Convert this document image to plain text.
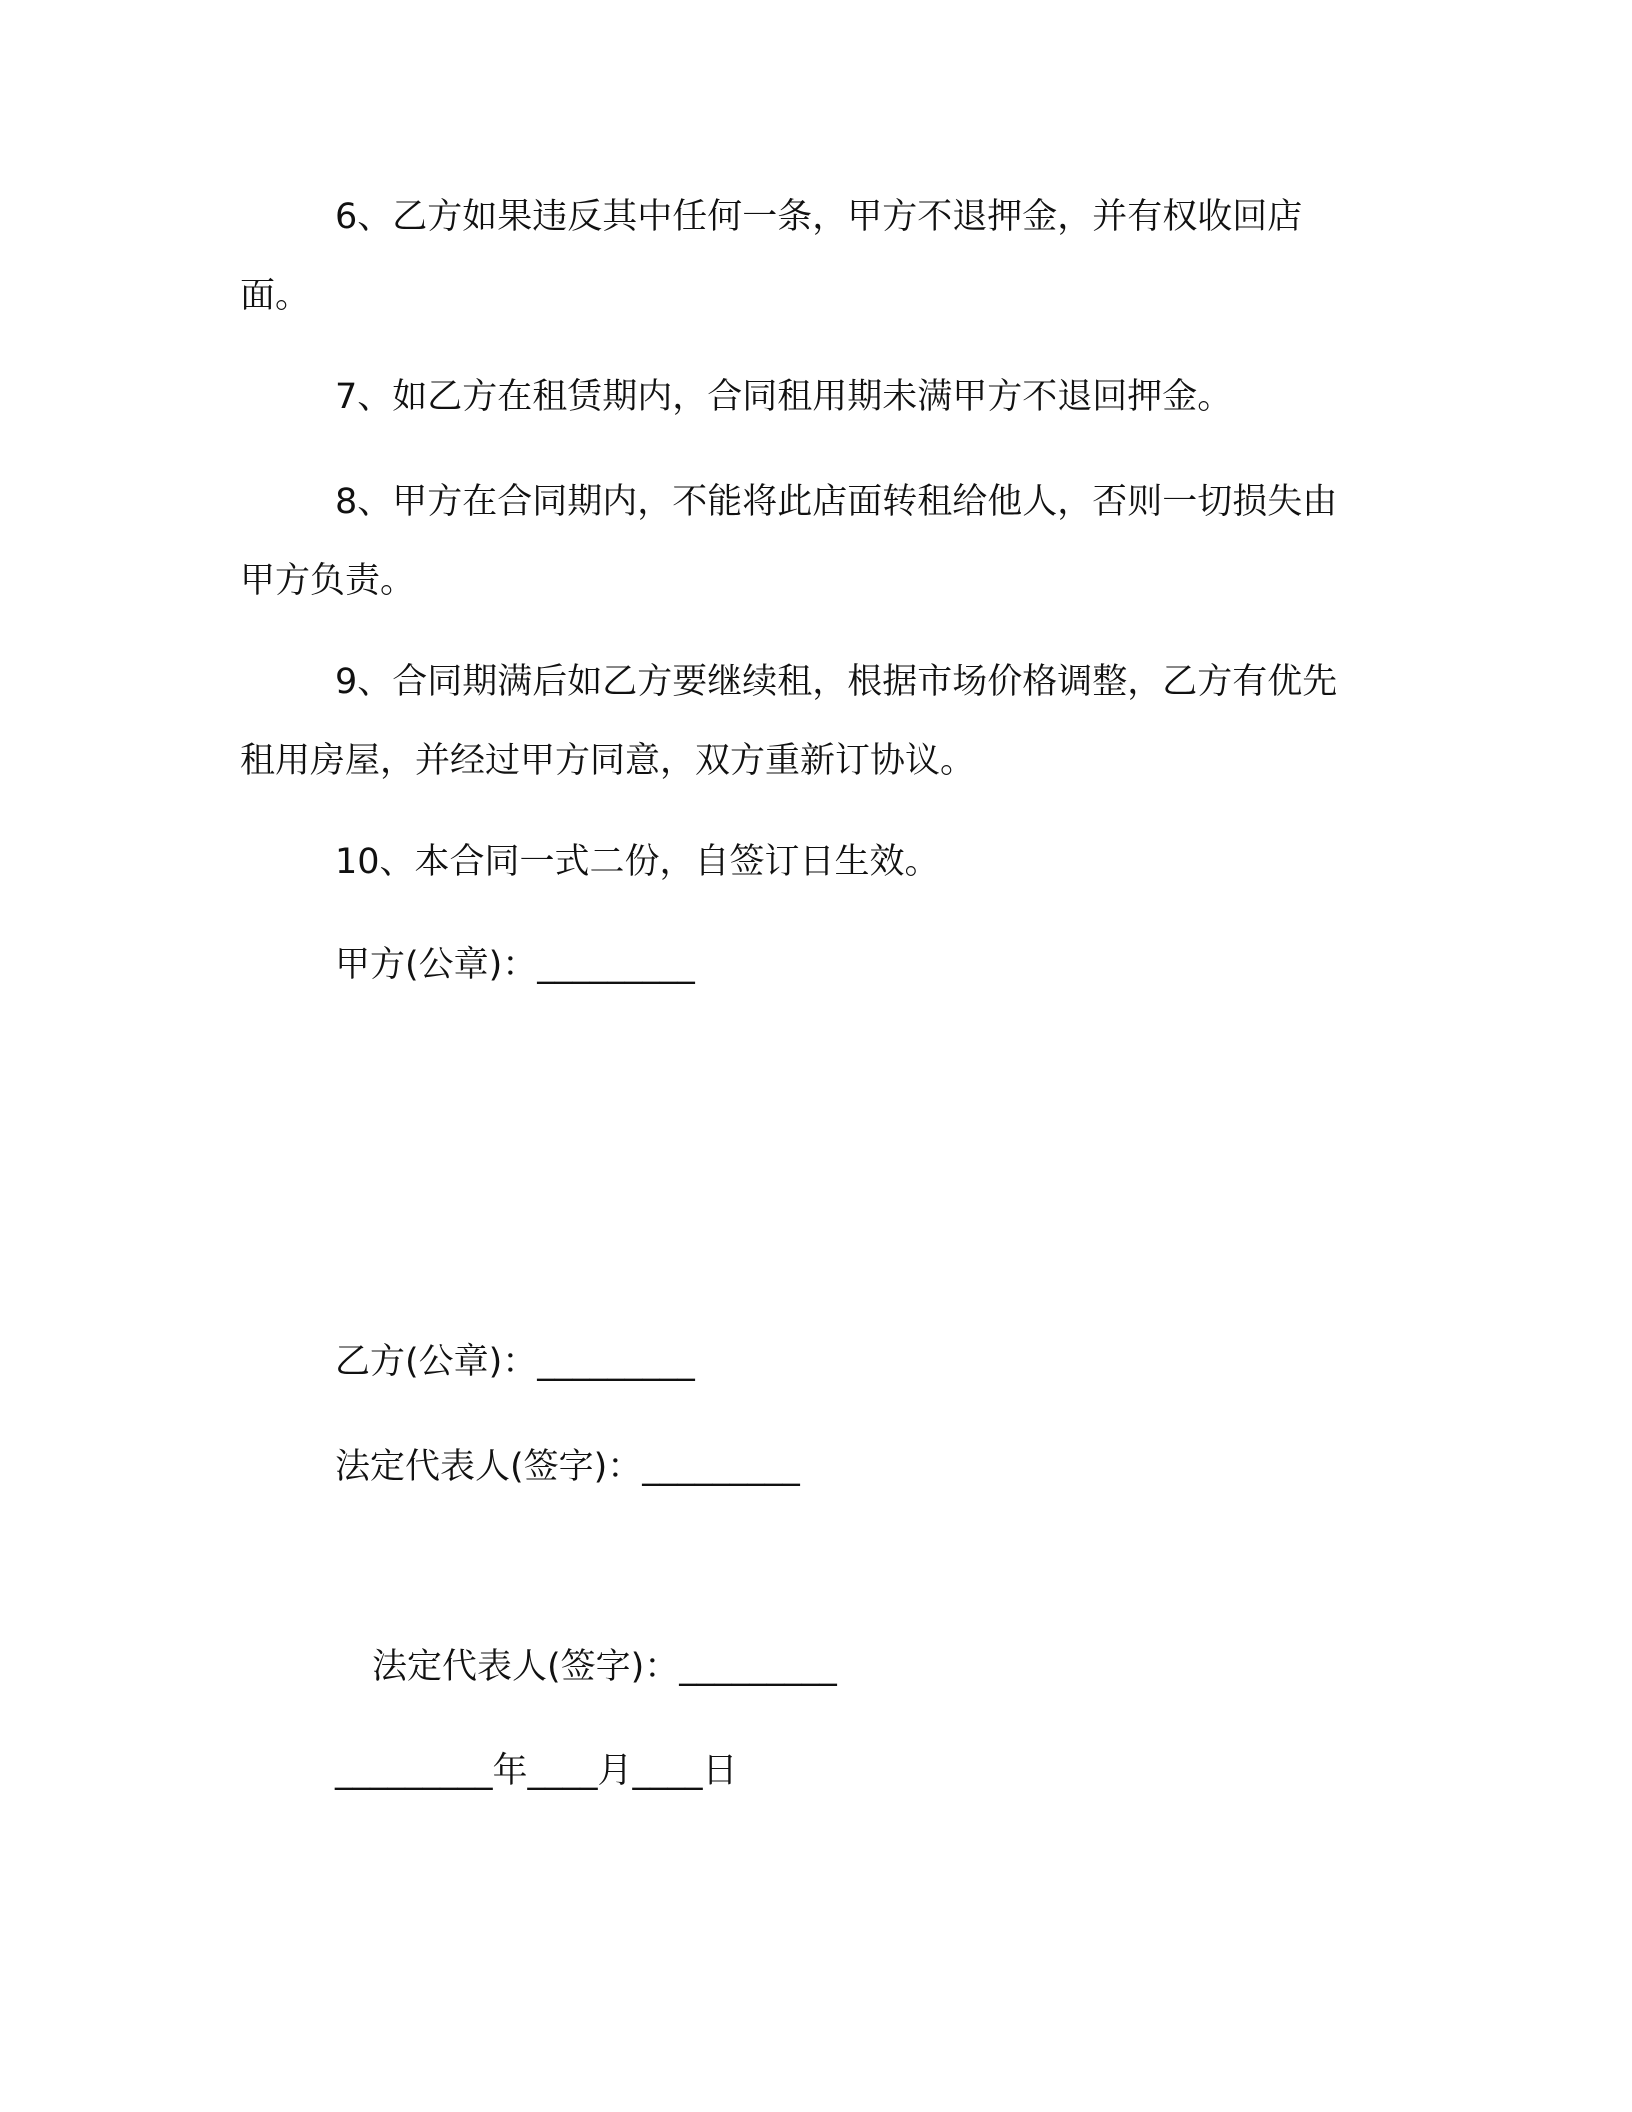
6、乙方如果违反其中任何一条，甲方不退押金，并有权收回店面。

7、如乙方在租赁期内，合同租用期未满甲方不退回押金。

8、甲方在合同期内，不能将此店面转租给他人，否则一切损失由甲方负责。

9、合同期满后如乙方要继续租，根据市场价格调整，乙方有优先租用房屋，并经过甲方同意，双方重新订协议。

10、本合同一式二份，自签订日生效。

甲方(公章)：_________

乙方(公章)：_________

法定代表人(签字)：_________

法定代表人(签字)：_________

_________年____月____日
